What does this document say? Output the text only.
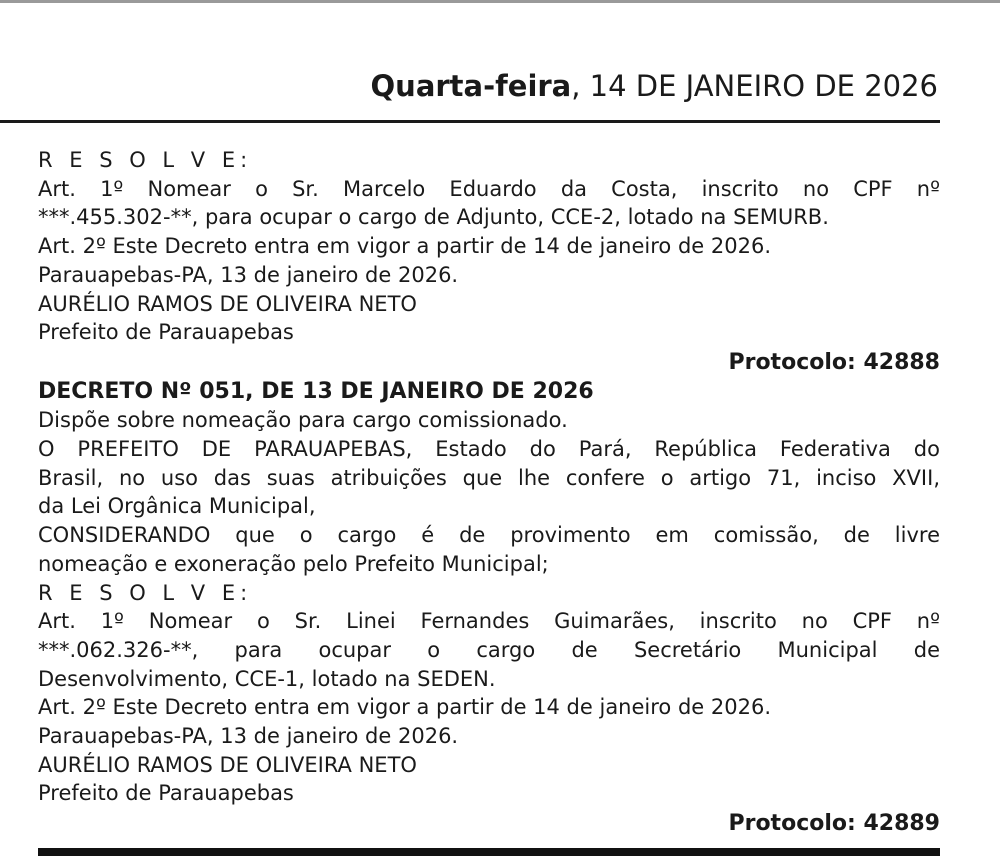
Quarta-feira, 14 DE JANEIRO DE 2026
R E S O L V E:
Art. 1º Nomear o Sr. Marcelo Eduardo da Costa, inscrito no CPF nº
***.455.302-**, para ocupar o cargo de Adjunto, CCE-2, lotado na SEMURB.
Art. 2º Este Decreto entra em vigor a partir de 14 de janeiro de 2026.
Parauapebas-PA, 13 de janeiro de 2026.
AURÉLIO RAMOS DE OLIVEIRA NETO
Prefeito de Parauapebas
Protocolo: 42888
DECRETO Nº 051, DE 13 DE JANEIRO DE 2026
Dispõe sobre nomeação para cargo comissionado.
O PREFEITO DE PARAUAPEBAS, Estado do Pará, República Federativa do
Brasil, no uso das suas atribuições que lhe confere o artigo 71, inciso XVII,
da Lei Orgânica Municipal,
CONSIDERANDO que o cargo é de provimento em comissão, de livre
nomeação e exoneração pelo Prefeito Municipal;
R E S O L V E:
Art. 1º Nomear o Sr. Linei Fernandes Guimarães, inscrito no CPF nº
***.062.326-**, para ocupar o cargo de Secretário Municipal de
Desenvolvimento, CCE-1, lotado na SEDEN.
Art. 2º Este Decreto entra em vigor a partir de 14 de janeiro de 2026.
Parauapebas-PA, 13 de janeiro de 2026.
AURÉLIO RAMOS DE OLIVEIRA NETO
Prefeito de Parauapebas
Protocolo: 42889
